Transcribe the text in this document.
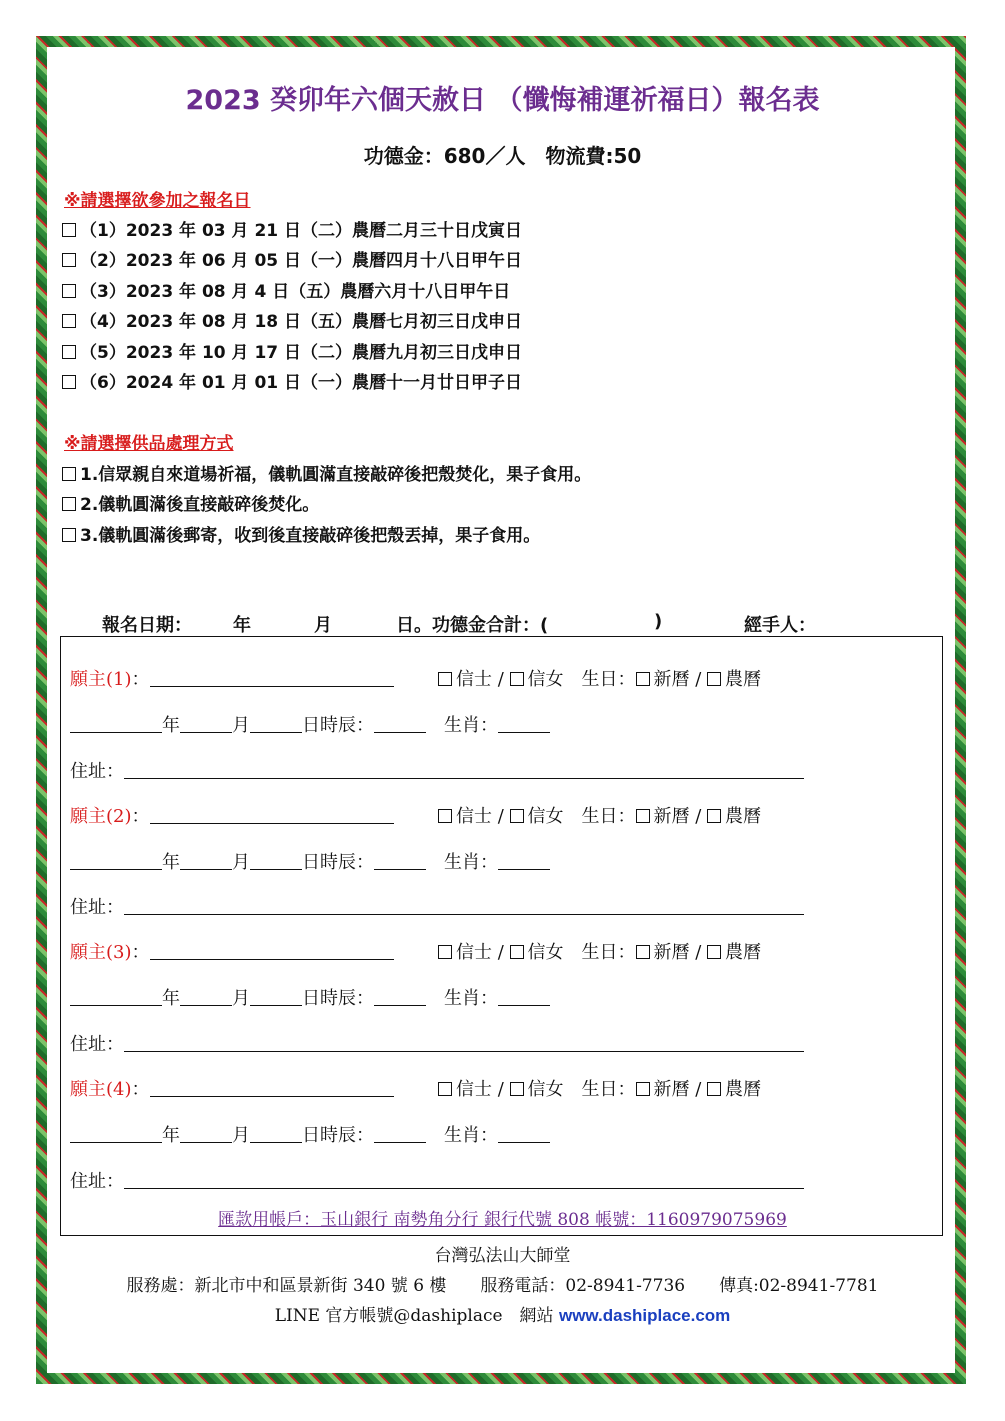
2023 癸卯年六個天赦日 （懺悔補運祈福日）報名表
功德金：680／人　物流費:50
※請選擇欲參加之報名日
（1）2023 年 03 月 21 日（二）農曆二月三十日戊寅日
（2）2023 年 06 月 05 日（一）農曆四月十八日甲午日
（3）2023 年 08 月 4 日（五）農曆六月十八日甲午日
（4）2023 年 08 月 18 日（五）農曆七月初三日戊申日
（5）2023 年 10 月 17 日（二）農曆九月初三日戊申日
（6）2024 年 01 月 01 日（一）農曆十一月廿日甲子日
※請選擇供品處理方式
1.信眾親自來道場祈福，儀軌圓滿直接敲碎後把殼焚化，果子食用。
2.儀軌圓滿後直接敲碎後焚化。
3.儀軌圓滿後郵寄，收到後直接敲碎後把殼丟掉，果子食用。
報名日期： 年	月	日。功德金合計：(	)	經手人：
願主(1)：	信士 / 信女　 生日： 新曆 / 農曆
年	月	日時辰：　	生肖：
住址：
願主(2)：	信士 / 信女　 生日： 新曆 / 農曆
年	月	日時辰：　	生肖：
住址：
願主(3)：	信士 / 信女　 生日： 新曆 / 農曆
年	月	日時辰：　	生肖：
住址：
願主(4)：	信士 / 信女　 生日： 新曆 / 農曆
年	月	日時辰：　	生肖：
住址：
匯款用帳戶：玉山銀行 南勢角分行 銀行代號 808 帳號：1160979075969
台灣弘法山大師堂
服務處：新北市中和區景新街 340 號 6 樓　　服務電話：02-8941-7736　　傳真:02-8941-7781
LINE 官方帳號@dashiplace　網站 www.dashiplace.com
